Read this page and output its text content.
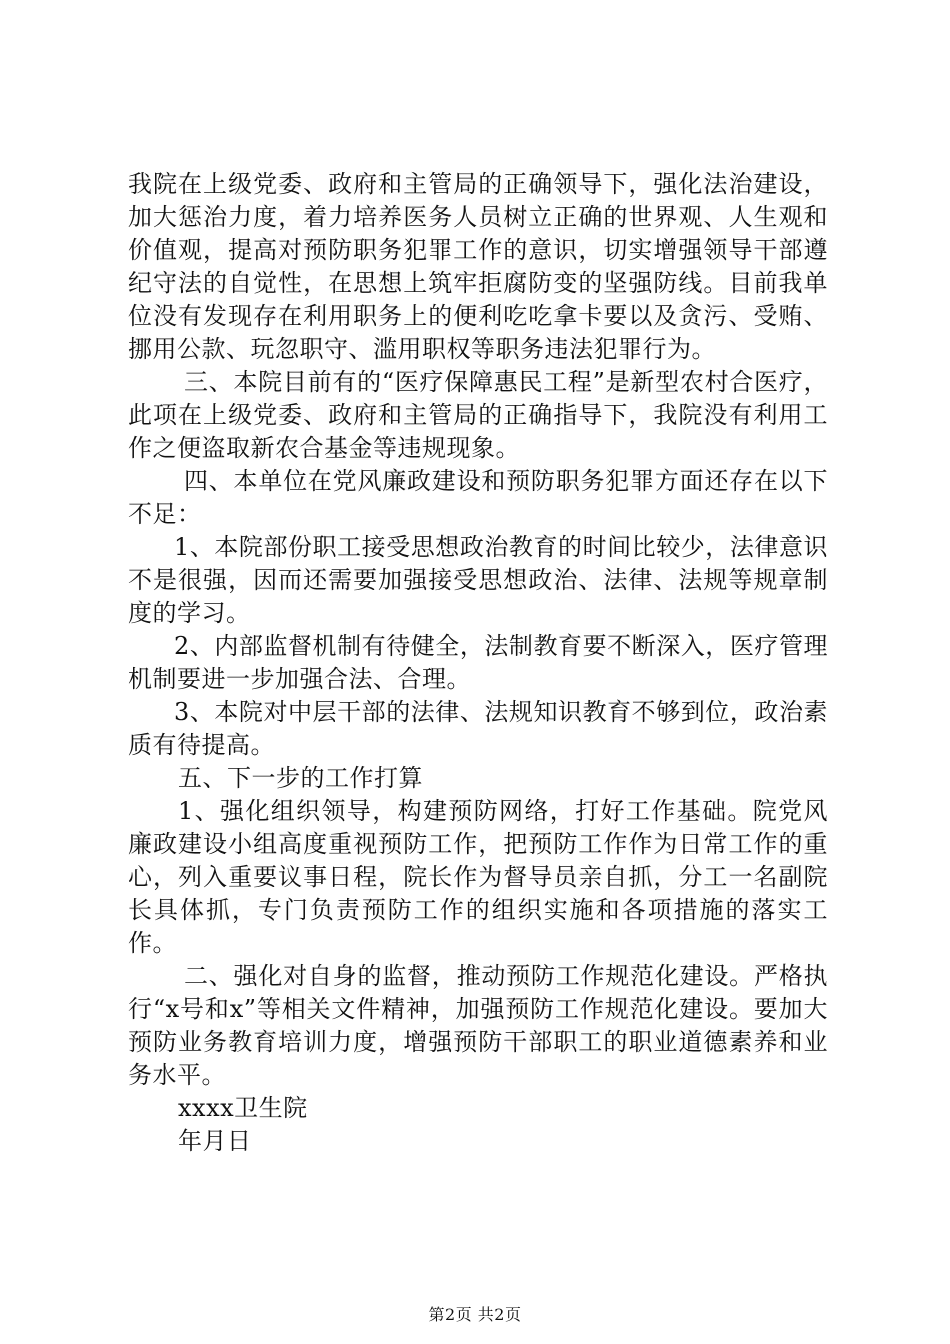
我院在上级党委、政府和主管局的正确领导下，强化法治建设，加大惩治力度，着力培养医务人员树立正确的世界观、人生观和价值观，提高对预防职务犯罪工作的意识，切实增强领导干部遵纪守法的自觉性，在思想上筑牢拒腐防变的坚强防线。目前我单位没有发现存在利用职务上的便利吃吃拿卡要以及贪污、受贿、挪用公款、玩忽职守、滥用职权等职务违法犯罪行为。

三、本院目前有的“医疗保障惠民工程”是新型农村合医疗，此项在上级党委、政府和主管局的正确指导下，我院没有利用工作之便盗取新农合基金等违规现象。

四、本单位在党风廉政建设和预防职务犯罪方面还存在以下不足：

1、本院部份职工接受思想政治教育的时间比较少，法律意识不是很强，因而还需要加强接受思想政治、法律、法规等规章制度的学习。

2、内部监督机制有待健全，法制教育要不断深入，医疗管理机制要进一步加强合法、合理。

3、本院对中层干部的法律、法规知识教育不够到位，政治素质有待提高。

五、下一步的工作打算

1、强化组织领导，构建预防网络，打好工作基础。院党风廉政建设小组高度重视预防工作，把预防工作作为日常工作的重心，列入重要议事日程，院长作为督导员亲自抓，分工一名副院长具体抓，专门负责预防工作的组织实施和各项措施的落实工作。

二、强化对自身的监督，推动预防工作规范化建设。严格执行“x号和x”等相关文件精神，加强预防工作规范化建设。要加大预防业务教育培训力度，增强预防干部职工的职业道德素养和业务水平。

xxxx卫生院

年月日

第2页 共2页
